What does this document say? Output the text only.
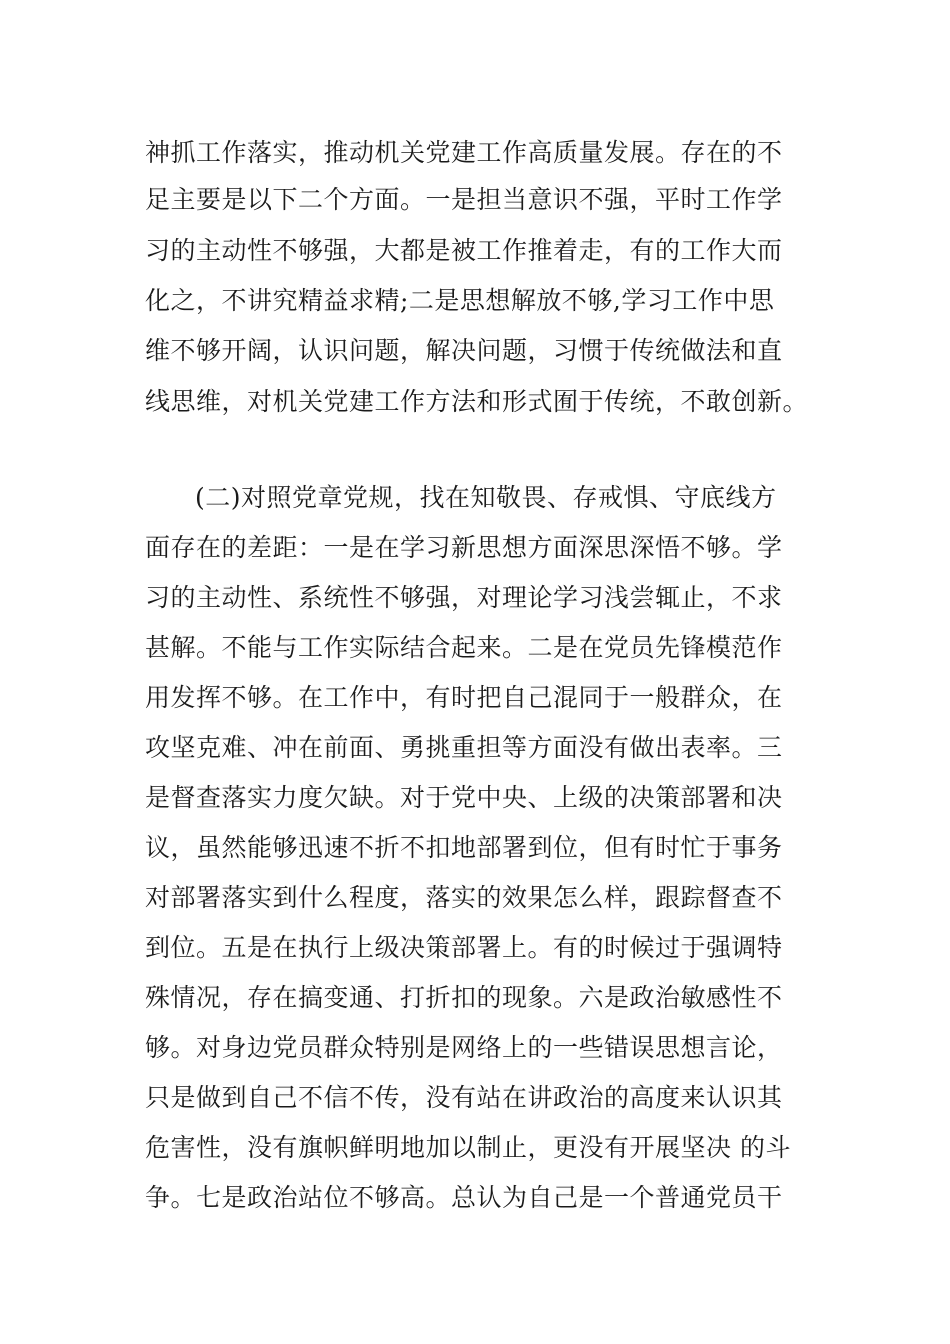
神抓工作落实，推动机关党建工作高质量发展。存在的不
足主要是以下二个方面。一是担当意识不强，平时工作学
习的主动性不够强，大都是被工作推着走，有的工作大而
化之，不讲究精益求精;二是思想解放不够,学习工作中思
维不够开阔，认识问题，解决问题，习惯于传统做法和直
线思维，对机关党建工作方法和形式囿于传统，不敢创新。
(二)对照党章党规，找在知敬畏、存戒惧、守底线方
面存在的差距：一是在学习新思想方面深思深悟不够。学
习的主动性、系统性不够强，对理论学习浅尝辄止，不求
甚解。不能与工作实际结合起来。二是在党员先锋模范作
用发挥不够。在工作中，有时把自己混同于一般群众，在
攻坚克难、冲在前面、勇挑重担等方面没有做出表率。三
是督查落实力度欠缺。对于党中央、上级的决策部署和决
议，虽然能够迅速不折不扣地部署到位，但有时忙于事务
对部署落实到什么程度，落实的效果怎么样，跟踪督查不
到位。五是在执行上级决策部署上。有的时候过于强调特
殊情况，存在搞变通、打折扣的现象。六是政治敏感性不
够。对身边党员群众特别是网络上的一些错误思想言论，
只是做到自己不信不传，没有站在讲政治的高度来认识其
危害性，没有旗帜鲜明地加以制止，更没有开展坚决 的斗
争。七是政治站位不够高。总认为自己是一个普通党员干
